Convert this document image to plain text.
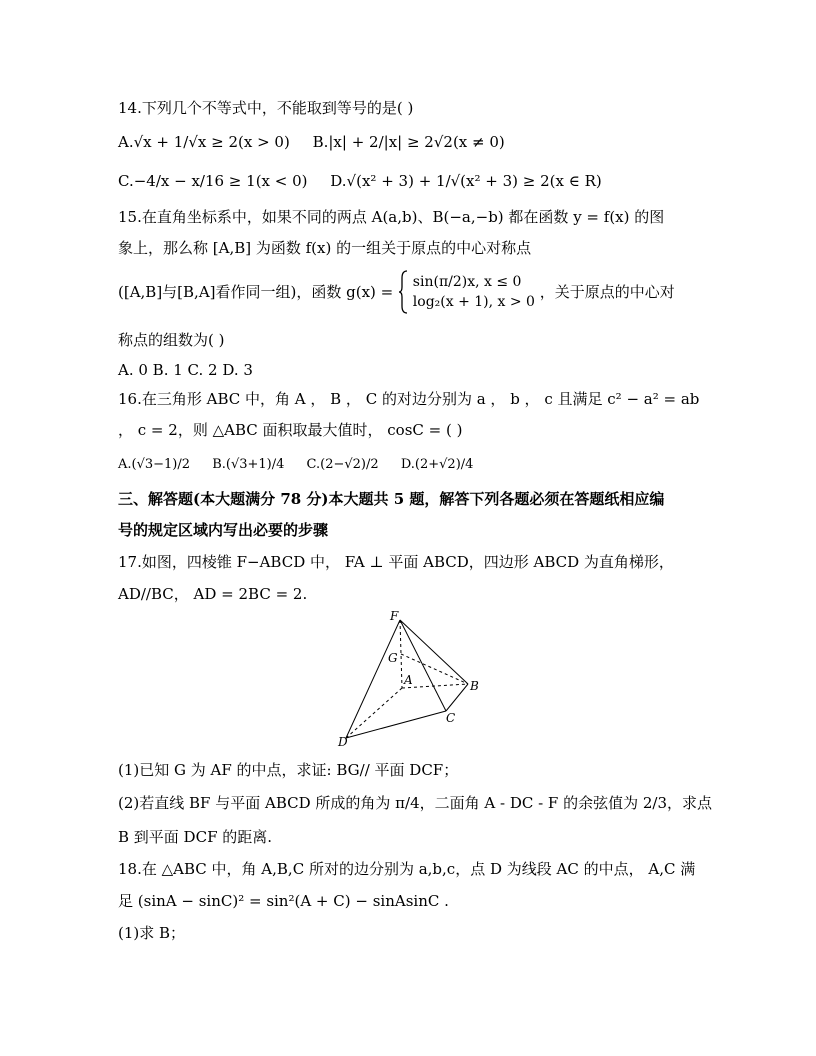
14.下列几个不等式中，不能取到等号的是( )
A.√x + 1/√x ≥ 2(x > 0) B.|x| + 2/|x| ≥ 2√2(x ≠ 0)
C.−4/x − x/16 ≥ 1(x < 0) D.√(x² + 3) + 1/√(x² + 3) ≥ 2(x ∈ R)
15.在直角坐标系中，如果不同的两点 A(a,b)、B(−a,−b) 都在函数 y = f(x) 的图
象上，那么称 [A,B] 为函数 f(x) 的一组关于原点的中心对称点
([A,B]与[B,A]看作同一组)，函数 g(x) =
sin(π/2)x, x ≤ 0
log₂(x + 1), x > 0
，关于原点的中心对
称点的组数为( )
A. 0 B. 1 C. 2 D. 3
16.在三角形 ABC 中，角 A ， B ， C 的对边分别为 a ， b ， c 且满足 c² − a² = ab
， c = 2，则 △ABC 面积取最大值时， cosC = ( )
A.(√3−1)/2 B.(√3+1)/4 C.(2−√2)/2 D.(2+√2)/4
三、解答题(本大题满分 78 分)本大题共 5 题，解答下列各题必须在答题纸相应编
号的规定区域内写出必要的步骤
17.如图，四棱锥 F−ABCD 中， FA ⊥ 平面 ABCD，四边形 ABCD 为直角梯形，
AD//BC， AD = 2BC = 2.
F
G
A	B
C
D
(1)已知 G 为 AF 的中点，求证: BG// 平面 DCF；
(2)若直线 BF 与平面 ABCD 所成的角为 π/4，二面角 A - DC - F 的余弦值为 2/3，求点
B 到平面 DCF 的距离.
18.在 △ABC 中，角 A,B,C 所对的边分别为 a,b,c，点 D 为线段 AC 的中点， A,C 满
足 (sinA − sinC)² = sin²(A + C) − sinAsinC .
(1)求 B；
